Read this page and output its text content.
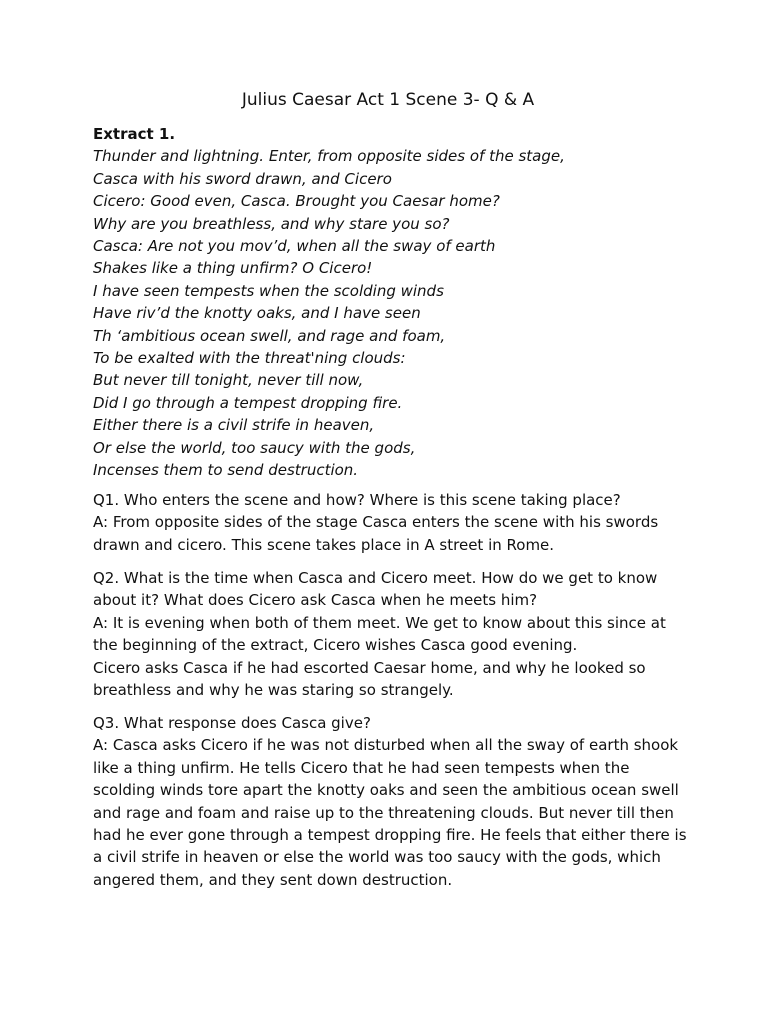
Julius Caesar Act 1 Scene 3- Q & A

Extract 1.

Thunder and lightning. Enter, from opposite sides of the stage,
Casca with his sword drawn, and Cicero
Cicero: Good even, Casca. Brought you Caesar home?
Why are you breathless, and why stare you so?
Casca: Are not you mov’d, when all the sway of earth
Shakes like a thing unfirm? O Cicero!
I have seen tempests when the scolding winds
Have riv’d the knotty oaks, and I have seen
Th ‘ambitious ocean swell, and rage and foam,
To be exalted with the threat'ning clouds:
But never till tonight, never till now,
Did I go through a tempest dropping fire.
Either there is a civil strife in heaven,
Or else the world, too saucy with the gods,
Incenses them to send destruction.

Q1. Who enters the scene and how? Where is this scene taking place?
A: From opposite sides of the stage Casca enters the scene with his swords
drawn and cicero. This scene takes place in A street in Rome.

Q2. What is the time when Casca and Cicero meet. How do we get to know
about it? What does Cicero ask Casca when he meets him?
A: It is evening when both of them meet. We get to know about this since at
the beginning of the extract, Cicero wishes Casca good evening.
Cicero asks Casca if he had escorted Caesar home, and why he looked so
breathless and why he was staring so strangely.

Q3. What response does Casca give?
A: Casca asks Cicero if he was not disturbed when all the sway of earth shook
like a thing unfirm. He tells Cicero that he had seen tempests when the
scolding winds tore apart the knotty oaks and seen the ambitious ocean swell
and rage and foam and raise up to the threatening clouds. But never till then
had he ever gone through a tempest dropping fire. He feels that either there is
a civil strife in heaven or else the world was too saucy with the gods, which
angered them, and they sent down destruction.
